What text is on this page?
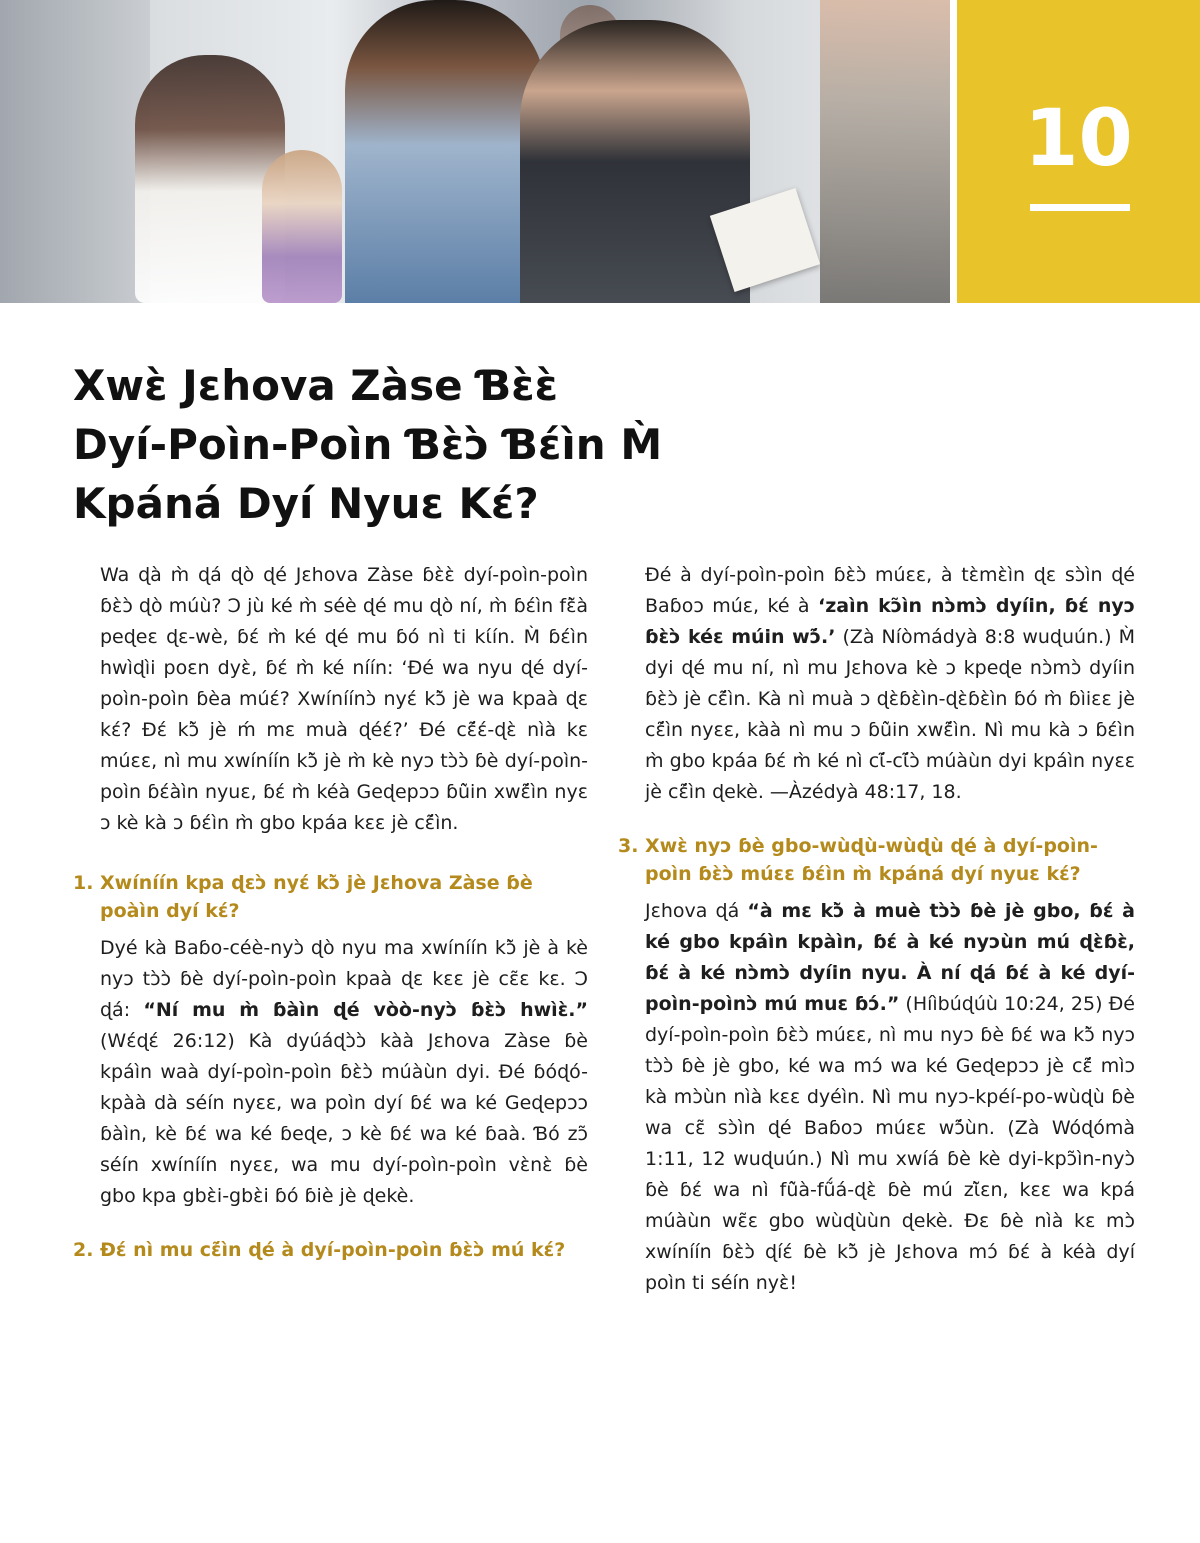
10
Xwɛ̀ Jɛhova Zàse Ɓɛ̀ɛ̀
Dyí-Poìn-Poìn Ɓɛ̀ɔ̀ Ɓɛ́ìn M̀
Kpáná Dyí Nyuɛ Kɛ́?

Wa ɖà m̀ ɖá ɖò ɖé Jɛhova Zàse ɓɛ̀ɛ̀ dyí-poìn-poìn ɓɛ̀ɔ̀ ɖò múù? Ɔ jù ké m̀ séè ɖé mu ɖò ní, m̀ ɓɛ́ìn fɛ̃̀à peɖeɛ ɖɛ-wè, ɓɛ́ m̀ ké ɖé mu ɓó nì ti kɩ́ín. M̀ ɓɛ́ìn hwìɖìi poɛn dyɛ̀, ɓɛ́ m̀ ké níín: ‘Ɖé wa nyu ɖé dyí-poìn-poìn ɓèa múɛ́? Xwíníínɔ̀ nyɛ́ kɔ̃̀ jè wa kpaà ɖɛ kɛ́? Ɖɛ́ kɔ̃̀ jè ḿ mɛ muà ɖéɛ́?’ Ɖé cɛ̃́ɛ́-ɖɛ̀ nìà kɛ múɛɛ, nì mu xwíníín kɔ̃̀ jè m̀ kè nyɔ tɔ̀ɔ̀ ɓè dyí-poìn-poìn ɓɛ́àìn nyuɛ, ɓɛ́ m̀ kéà Geɖepɔɔ ɓũ̀in xwɛ̃́ìn nyɛ ɔ kè kà ɔ ɓɛ́ìn m̀ gbo kpáa kɛɛ jè cɛ̃́ìn.

1. Xwíníín kpa ɖɛɔ̀ nyɛ́ kɔ̃̀ jè Jɛhova Zàse ɓè poàìn dyí kɛ́?

Dyé kà Baɓo-céè-nyɔ̀ ɖò nyu ma xwíníín kɔ̃̀ jè à kè nyɔ tɔ̀ɔ̀ ɓè dyí-poìn-poìn kpaà ɖɛ kɛɛ jè cɛ̃ɛ kɛ. Ɔ ɖá: “Ní mu m̀ ɓàìn ɖé vòò-nyɔ̀ ɓɛ̀ɔ̀ hwìɛ̀.” (Wɛ́ɖɛ́ 26:12) Kà dyúáɖɔ̀ɔ̀ kàà Jɛhova Zàse ɓè kpáìn waà dyí-poìn-poìn ɓɛ̀ɔ̀ múàùn dyi. Ɖé ɓóɖó-kpàà dà séín nyɛɛ, wa poìn dyí ɓɛ́ wa ké Geɖepɔɔ ɓàìn, kè ɓɛ́ wa ké ɓeɖe, ɔ kè ɓɛ́ wa ké ɓaà. Ɓó zɔ̃ séín xwíníín nyɛɛ, wa mu dyí-poìn-poìn vɛ̀nɛ̀ ɓè gbo kpa gbɛ̀i-gbɛ̀i ɓó ɓiè jè ɖekè.

2. Ɖɛ́ nì mu cɛ̃́ìn ɖé à dyí-poìn-poìn ɓɛ̀ɔ̀ mú kɛ́?

Ɖé à dyí-poìn-poìn ɓɛ̀ɔ̀ múɛɛ, à tɛ̀mɛ̀ìn ɖɛ sɔ̀ìn ɖé Baɓoɔ múɛ, ké à ‘zaìn kɔ̃ìn nɔ̀mɔ̀ dyíin, ɓɛ́ nyɔ ɓɛ̀ɔ̀ kéɛ múin wɔ̃́.’ (Zà Níòmádyà 8:8 wuɖuún.) M̀ dyi ɖé mu ní, nì mu Jɛhova kè ɔ kpeɖe nɔ̀mɔ̀ dyíin ɓɛ̀ɔ̀ jè cɛ̃́ìn. Kà nì muà ɔ ɖɛ̀ɓɛ̀ìn-ɖɛ̀ɓɛ̀ìn ɓó m̀ ɓìiɛɛ jè cɛ̃́ìn nyɛɛ, kàà nì mu ɔ ɓũ̀in xwɛ̃́ìn. Nì mu kà ɔ ɓɛ́ìn m̀ gbo kpáa ɓɛ́ m̀ ké nì cɩ̃́-cɩ̃́ɔ̀ múàùn dyi kpáìn nyɛɛ jè cɛ̃́ìn ɖekè. —Àzédyà 48:17, 18.

3. Xwɛ̀ nyɔ ɓè gbo-wùɖù-wùɖù ɖé à dyí-poìn-poìn ɓɛ̀ɔ̀ múɛɛ ɓɛ́ìn m̀ kpáná dyí nyuɛ kɛ́?

Jɛhova ɖá “à mɛ kɔ̃̀ à muè tɔ̀ɔ̀ ɓè jè gbo, ɓɛ́ à ké gbo kpáìn kpàìn, ɓɛ́ à ké nyɔùn mú ɖɛ̀ɓɛ̀, ɓɛ́ à ké nɔ̀mɔ̀ dyíin nyu. À ní ɖá ɓɛ́ à ké dyí-poìn-poìnɔ̀ mú muɛ ɓɔ́.” (Híìbúɖúù 10:24, 25) Ɖé dyí-poìn-poìn ɓɛ̀ɔ̀ múɛɛ, nì mu nyɔ ɓè ɓɛ́ wa kɔ̃̀ nyɔ tɔ̀ɔ̀ ɓè jè gbo, ké wa mɔ́ wa ké Geɖepɔɔ jè cɛ̃́ mìɔ kà mɔ̀ùn nìà kɛɛ dyéìn. Nì mu nyɔ-kpéí-po-wùɖù ɓè wa cɛ̃ sɔ̀ìn ɖé Baɓoɔ múɛɛ wɔ̃́ùn. (Zà Wóɖómà 1:11, 12 wuɖuún.) Nì mu xwíá ɓè kè dyi-kpɔ̃ìn-nyɔ̀ ɓè ɓɛ́ wa nì fũ̀à-fṹá-ɖɛ̀ ɓè mú zɩ̃̀ɛn, kɛɛ wa kpá múàùn wɛ̃ɛ gbo wùɖùùn ɖekè. Ɖɛ ɓè nìà kɛ mɔ̀ xwíníín ɓɛ̀ɔ̀ ɖíɛ́ ɓè kɔ̃̀ jè Jɛhova mɔ́ ɓɛ́ à kéà dyí poìn ti séín nyɛ̀!
